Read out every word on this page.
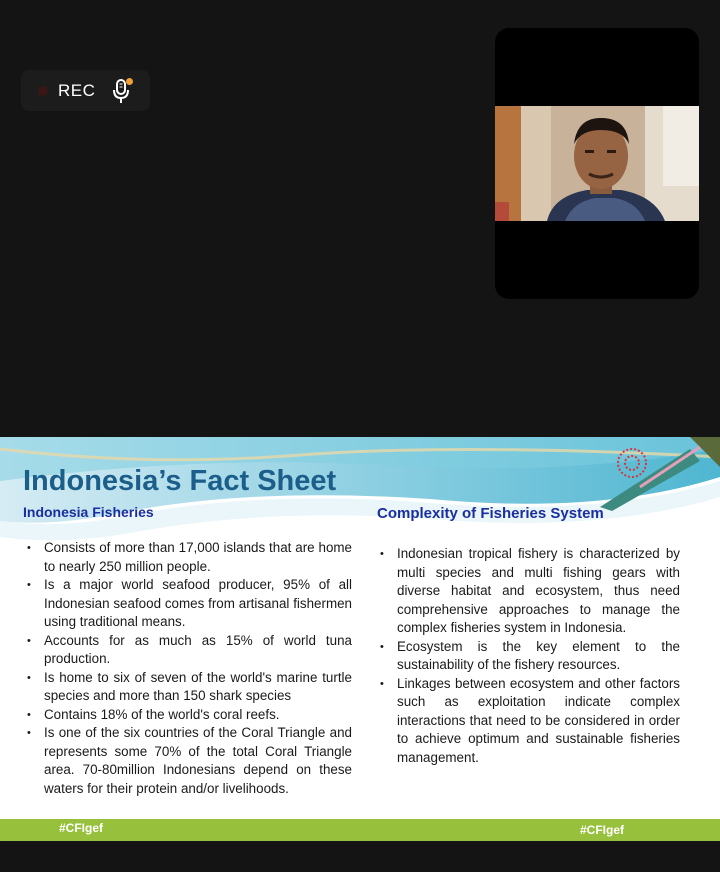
REC
Indonesia’s Fact Sheet
Indonesia Fisheries	Complexity of Fisheries System
• Consists of more than 17,000 islands that are home to nearly 250 million people.
• Is a major world seafood producer, 95% of all Indonesian seafood comes from artisanal fishermen using traditional means.
• Accounts for as much as 15% of world tuna production.
• Is home to six of seven of the world's marine turtle species and more than 150 shark species
• Contains 18% of the world's coral reefs.
• Is one of the six countries of the Coral Triangle and represents some 70% of the total Coral Triangle area. 70-80million Indonesians depend on these waters for their protein and/or livelihoods.
• Indonesian tropical fishery is characterized by multi species and multi fishing gears with diverse habitat and ecosystem, thus need comprehensive approaches to manage the complex fisheries system in Indonesia.
• Ecosystem is the key element to the sustainability of the fishery resources.
• Linkages between ecosystem and other factors such as exploitation indicate complex interactions that need to be considered in order to achieve optimum and sustainable fisheries management.
#CFIgef	#CFIgef
